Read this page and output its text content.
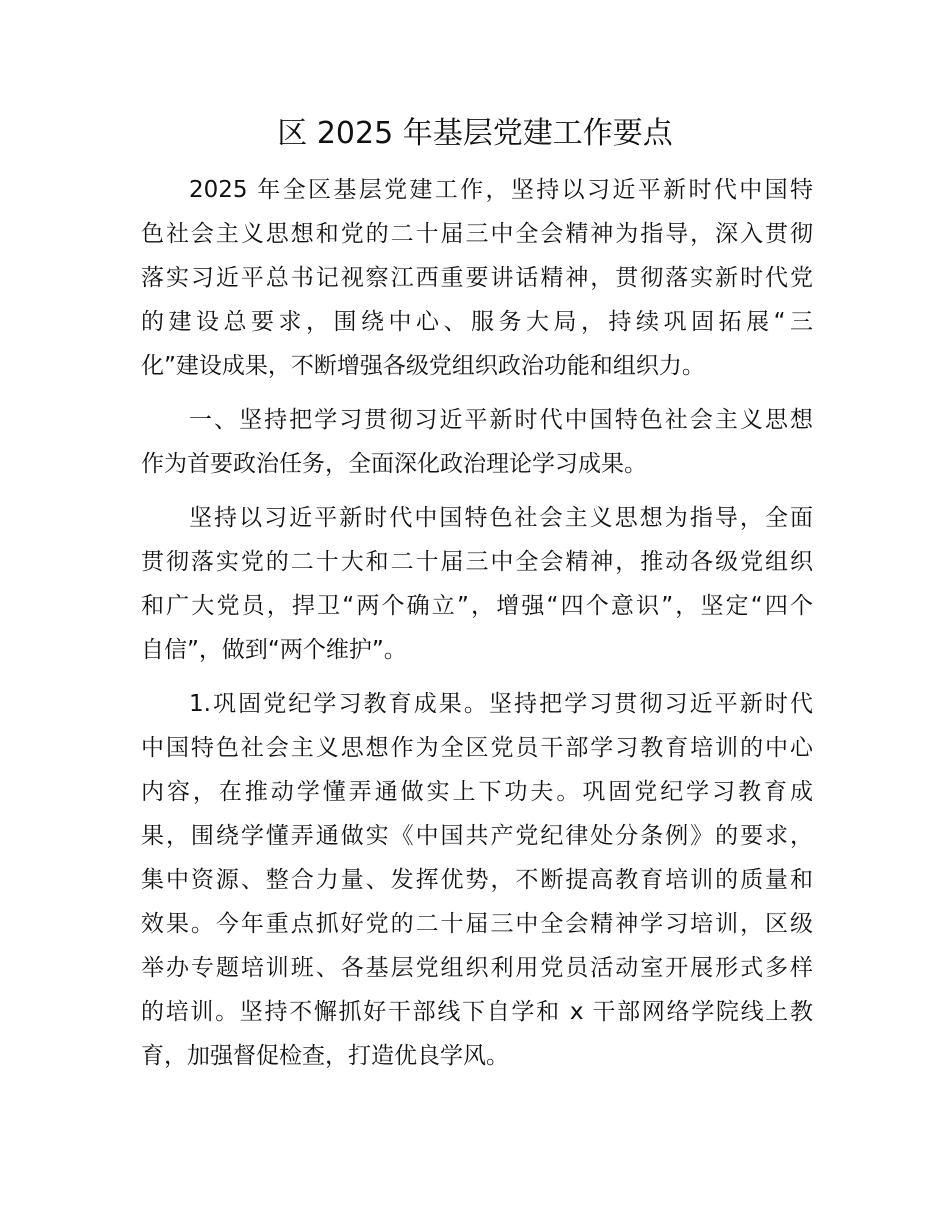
区 2025 年基层党建工作要点
2025 年全区基层党建工作，坚持以习近平新时代中国特
色社会主义思想和党的二十届三中全会精神为指导，深入贯彻
落实习近平总书记视察江西重要讲话精神，贯彻落实新时代党
的建设总要求，围绕中心、服务大局，持续巩固拓展“三
化”建设成果，不断增强各级党组织政治功能和组织力。
一、坚持把学习贯彻习近平新时代中国特色社会主义思想
作为首要政治任务，全面深化政治理论学习成果。
坚持以习近平新时代中国特色社会主义思想为指导，全面
贯彻落实党的二十大和二十届三中全会精神，推动各级党组织
和广大党员，捍卫“两个确立”，增强“四个意识”，坚定“四个
自信”，做到“两个维护”。
1.巩固党纪学习教育成果。坚持把学习贯彻习近平新时代
中国特色社会主义思想作为全区党员干部学习教育培训的中心
内容，在推动学懂弄通做实上下功夫。巩固党纪学习教育成
果，围绕学懂弄通做实《中国共产党纪律处分条例》的要求，
集中资源、整合力量、发挥优势，不断提高教育培训的质量和
效果。今年重点抓好党的二十届三中全会精神学习培训，区级
举办专题培训班、各基层党组织利用党员活动室开展形式多样
的培训。坚持不懈抓好干部线下自学和 x 干部网络学院线上教
育，加强督促检查，打造优良学风。
